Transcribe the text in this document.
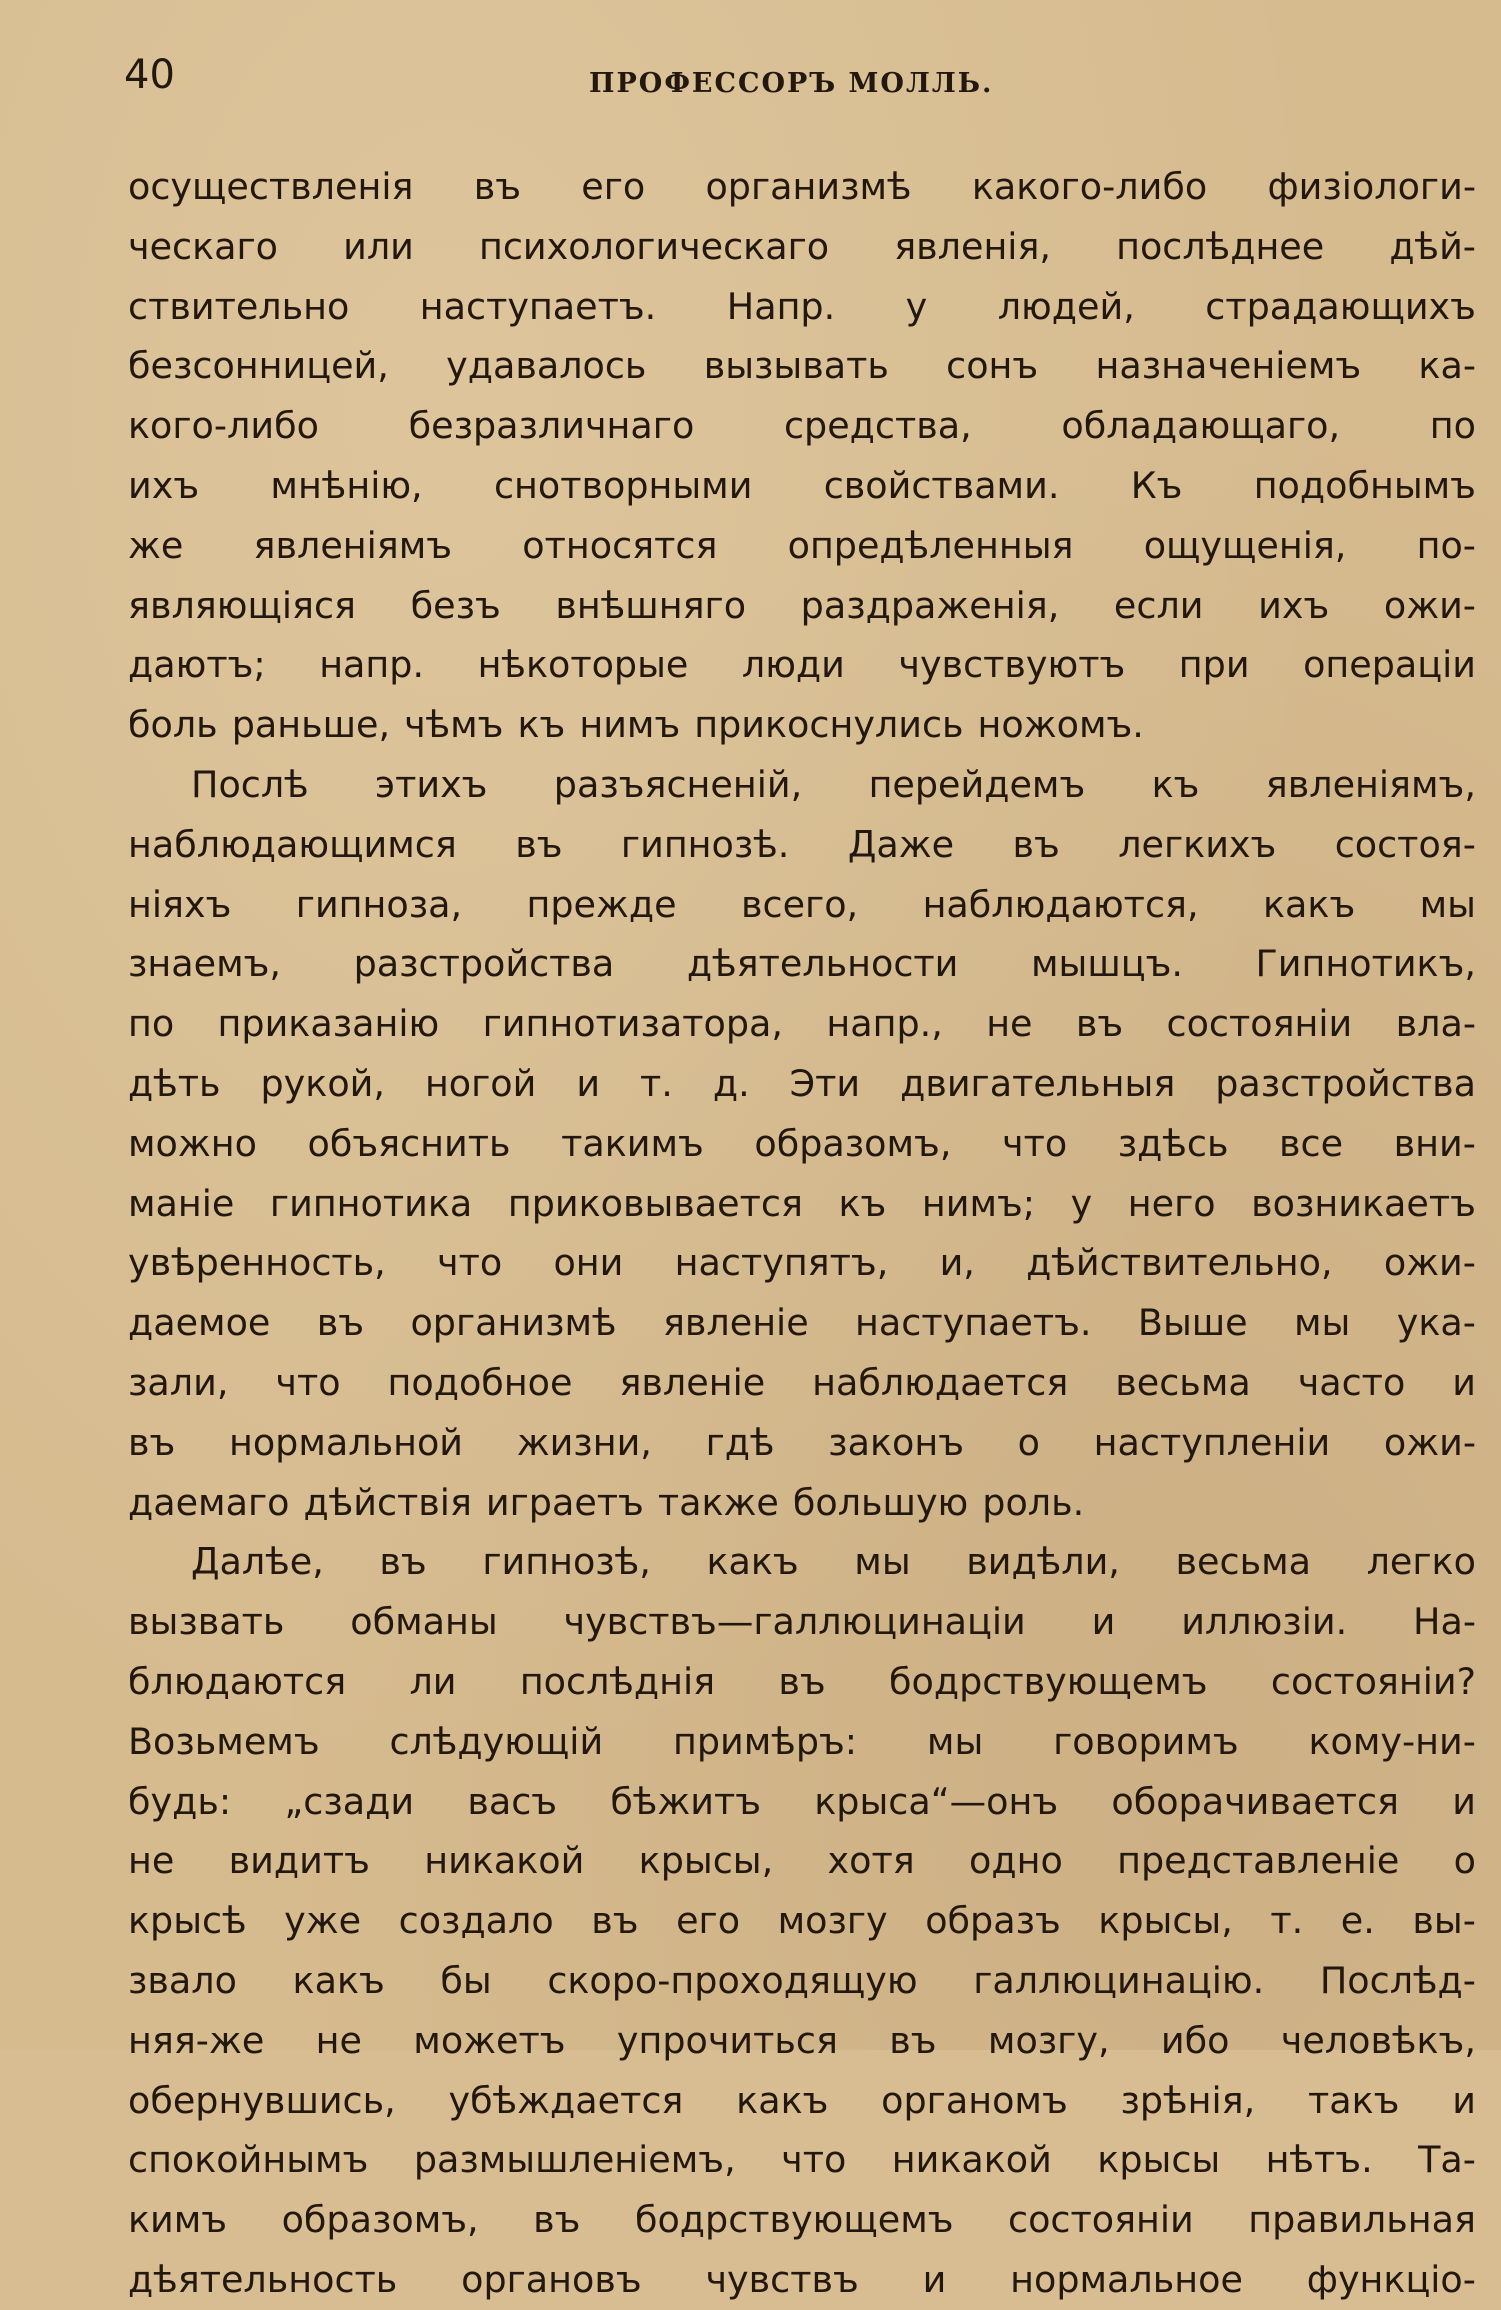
40	ПРОФЕССОРЪ МОЛЛЬ.
осуществленія въ его организмѣ какого-либо физіологи-
ческаго или психологическаго явленія, послѣднее дѣй-
ствительно наступаетъ. Напр. у людей, страдающихъ
безсонницей, удавалось вызывать сонъ назначеніемъ ка-
кого-либо безразличнаго средства, обладающаго, по
ихъ мнѣнію, снотворными свойствами. Къ подобнымъ
же явленіямъ относятся опредѣленныя ощущенія, по-
являющіяся безъ внѣшняго раздраженія, если ихъ ожи-
даютъ; напр. нѣкоторые люди чувствуютъ при операціи
боль раньше, чѣмъ къ нимъ прикоснулись ножомъ.
Послѣ этихъ разъясненій, перейдемъ къ явленіямъ,
наблюдающимся въ гипнозѣ. Даже въ легкихъ состоя-
ніяхъ гипноза, прежде всего, наблюдаются, какъ мы
знаемъ, разстройства дѣятельности мышцъ. Гипнотикъ,
по приказанію гипнотизатора, напр., не въ состояніи вла-
дѣть рукой, ногой и т. д. Эти двигательныя разстройства
можно объяснить такимъ образомъ, что здѣсь все вни-
маніе гипнотика приковывается къ нимъ; у него возникаетъ
увѣренность, что они наступятъ, и, дѣйствительно, ожи-
даемое въ организмѣ явленіе наступаетъ. Выше мы ука-
зали, что подобное явленіе наблюдается весьма часто и
въ нормальной жизни, гдѣ законъ о наступленіи ожи-
даемаго дѣйствія играетъ также большую роль.
Далѣе, въ гипнозѣ, какъ мы видѣли, весьма легко
вызвать обманы чувствъ—галлюцинаціи и иллюзіи. На-
блюдаются ли послѣднія въ бодрствующемъ состояніи?
Возьмемъ слѣдующій примѣръ: мы говоримъ кому-ни-
будь: „сзади васъ бѣжитъ крыса“—онъ оборачивается и
не видитъ никакой крысы, хотя одно представленіе о
крысѣ уже создало въ его мозгу образъ крысы, т. е. вы-
звало какъ бы скоро-проходящую галлюцинацію. Послѣд-
няя-же не можетъ упрочиться въ мозгу, ибо человѣкъ,
обернувшись, убѣждается какъ органомъ зрѣнія, такъ и
спокойнымъ размышленіемъ, что никакой крысы нѣтъ. Та-
кимъ образомъ, въ бодрствующемъ состояніи правильная
дѣятельность органовъ чувствъ и нормальное функціо-
